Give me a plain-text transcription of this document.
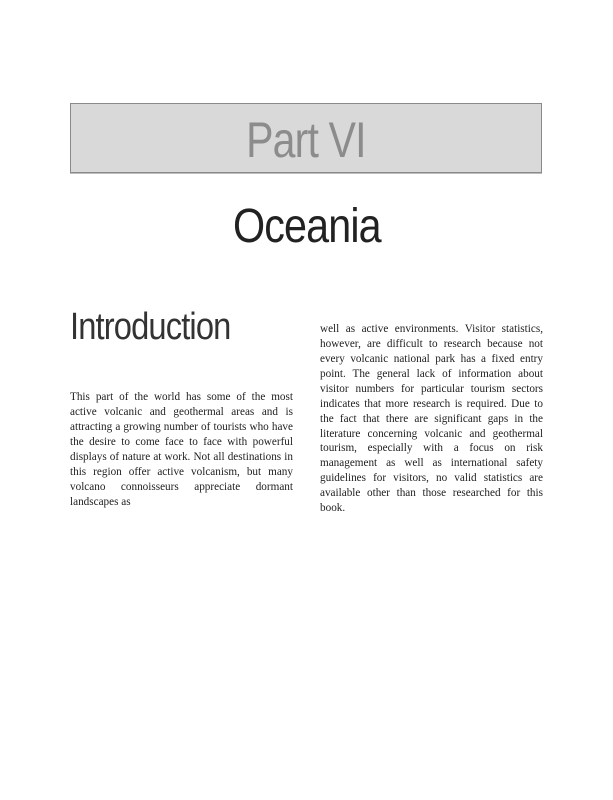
Part VI
Oceania
Introduction

This part of the world has some of the most active volcanic and geothermal areas and is attracting a growing number of tourists who have the desire to come face to face with powerful displays of nature at work. Not all destinations in this region offer active volcanism, but many volcano connoisseurs appreciate dormant landscapes as

well as active environments. Visitor statistics, however, are difficult to research because not every volcanic national park has a fixed entry point. The general lack of information about visitor numbers for particular tourism sectors indicates that more research is required. Due to the fact that there are significant gaps in the literature concerning volcanic and geothermal tourism, especially with a focus on risk management as well as international safety guidelines for visitors, no valid statistics are available other than those researched for this book.
